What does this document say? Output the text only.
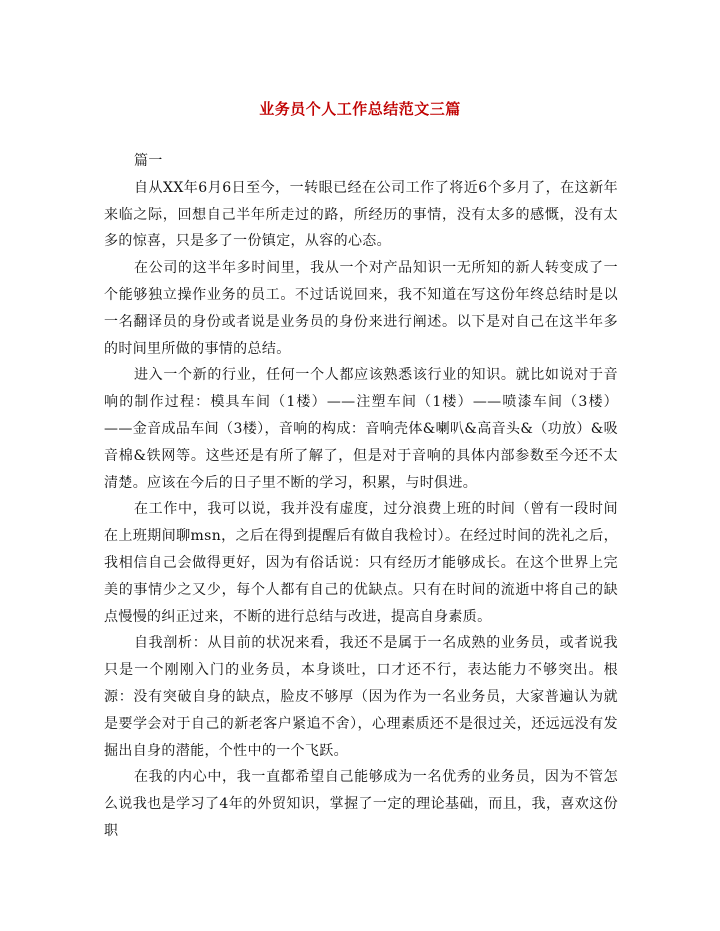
业务员个人工作总结范文三篇

篇一

自从XX年6月6日至今，一转眼已经在公司工作了将近6个多月了，在这新年来临之际，回想自己半年所走过的路，所经历的事情，没有太多的感慨，没有太多的惊喜，只是多了一份镇定，从容的心态。

在公司的这半年多时间里，我从一个对产品知识一无所知的新人转变成了一个能够独立操作业务的员工。不过话说回来，我不知道在写这份年终总结时是以一名翻译员的身份或者说是业务员的身份来进行阐述。以下是对自己在这半年多的时间里所做的事情的总结。

进入一个新的行业，任何一个人都应该熟悉该行业的知识。就比如说对于音响的制作过程：模具车间（1楼）——注塑车间（1楼）——喷漆车间（3楼）——金音成品车间（3楼），音响的构成：音响壳体&喇叭&高音头&（功放）&吸音棉&铁网等。这些还是有所了解了，但是对于音响的具体内部参数至今还不太清楚。应该在今后的日子里不断的学习，积累，与时俱进。

在工作中，我可以说，我并没有虚度，过分浪费上班的时间（曾有一段时间在上班期间聊msn，之后在得到提醒后有做自我检讨）。在经过时间的洗礼之后，我相信自己会做得更好，因为有俗话说：只有经历才能够成长。在这个世界上完美的事情少之又少，每个人都有自己的优缺点。只有在时间的流逝中将自己的缺点慢慢的纠正过来，不断的进行总结与改进，提高自身素质。

自我剖析：从目前的状况来看，我还不是属于一名成熟的业务员，或者说我只是一个刚刚入门的业务员，本身谈吐，口才还不行，表达能力不够突出。根源：没有突破自身的缺点，脸皮不够厚（因为作为一名业务员，大家普遍认为就是要学会对于自己的新老客户紧追不舍），心理素质还不是很过关，还远远没有发掘出自身的潜能，个性中的一个飞跃。

在我的内心中，我一直都希望自己能够成为一名优秀的业务员，因为不管怎么说我也是学习了4年的外贸知识，掌握了一定的理论基础，而且，我，喜欢这份职
